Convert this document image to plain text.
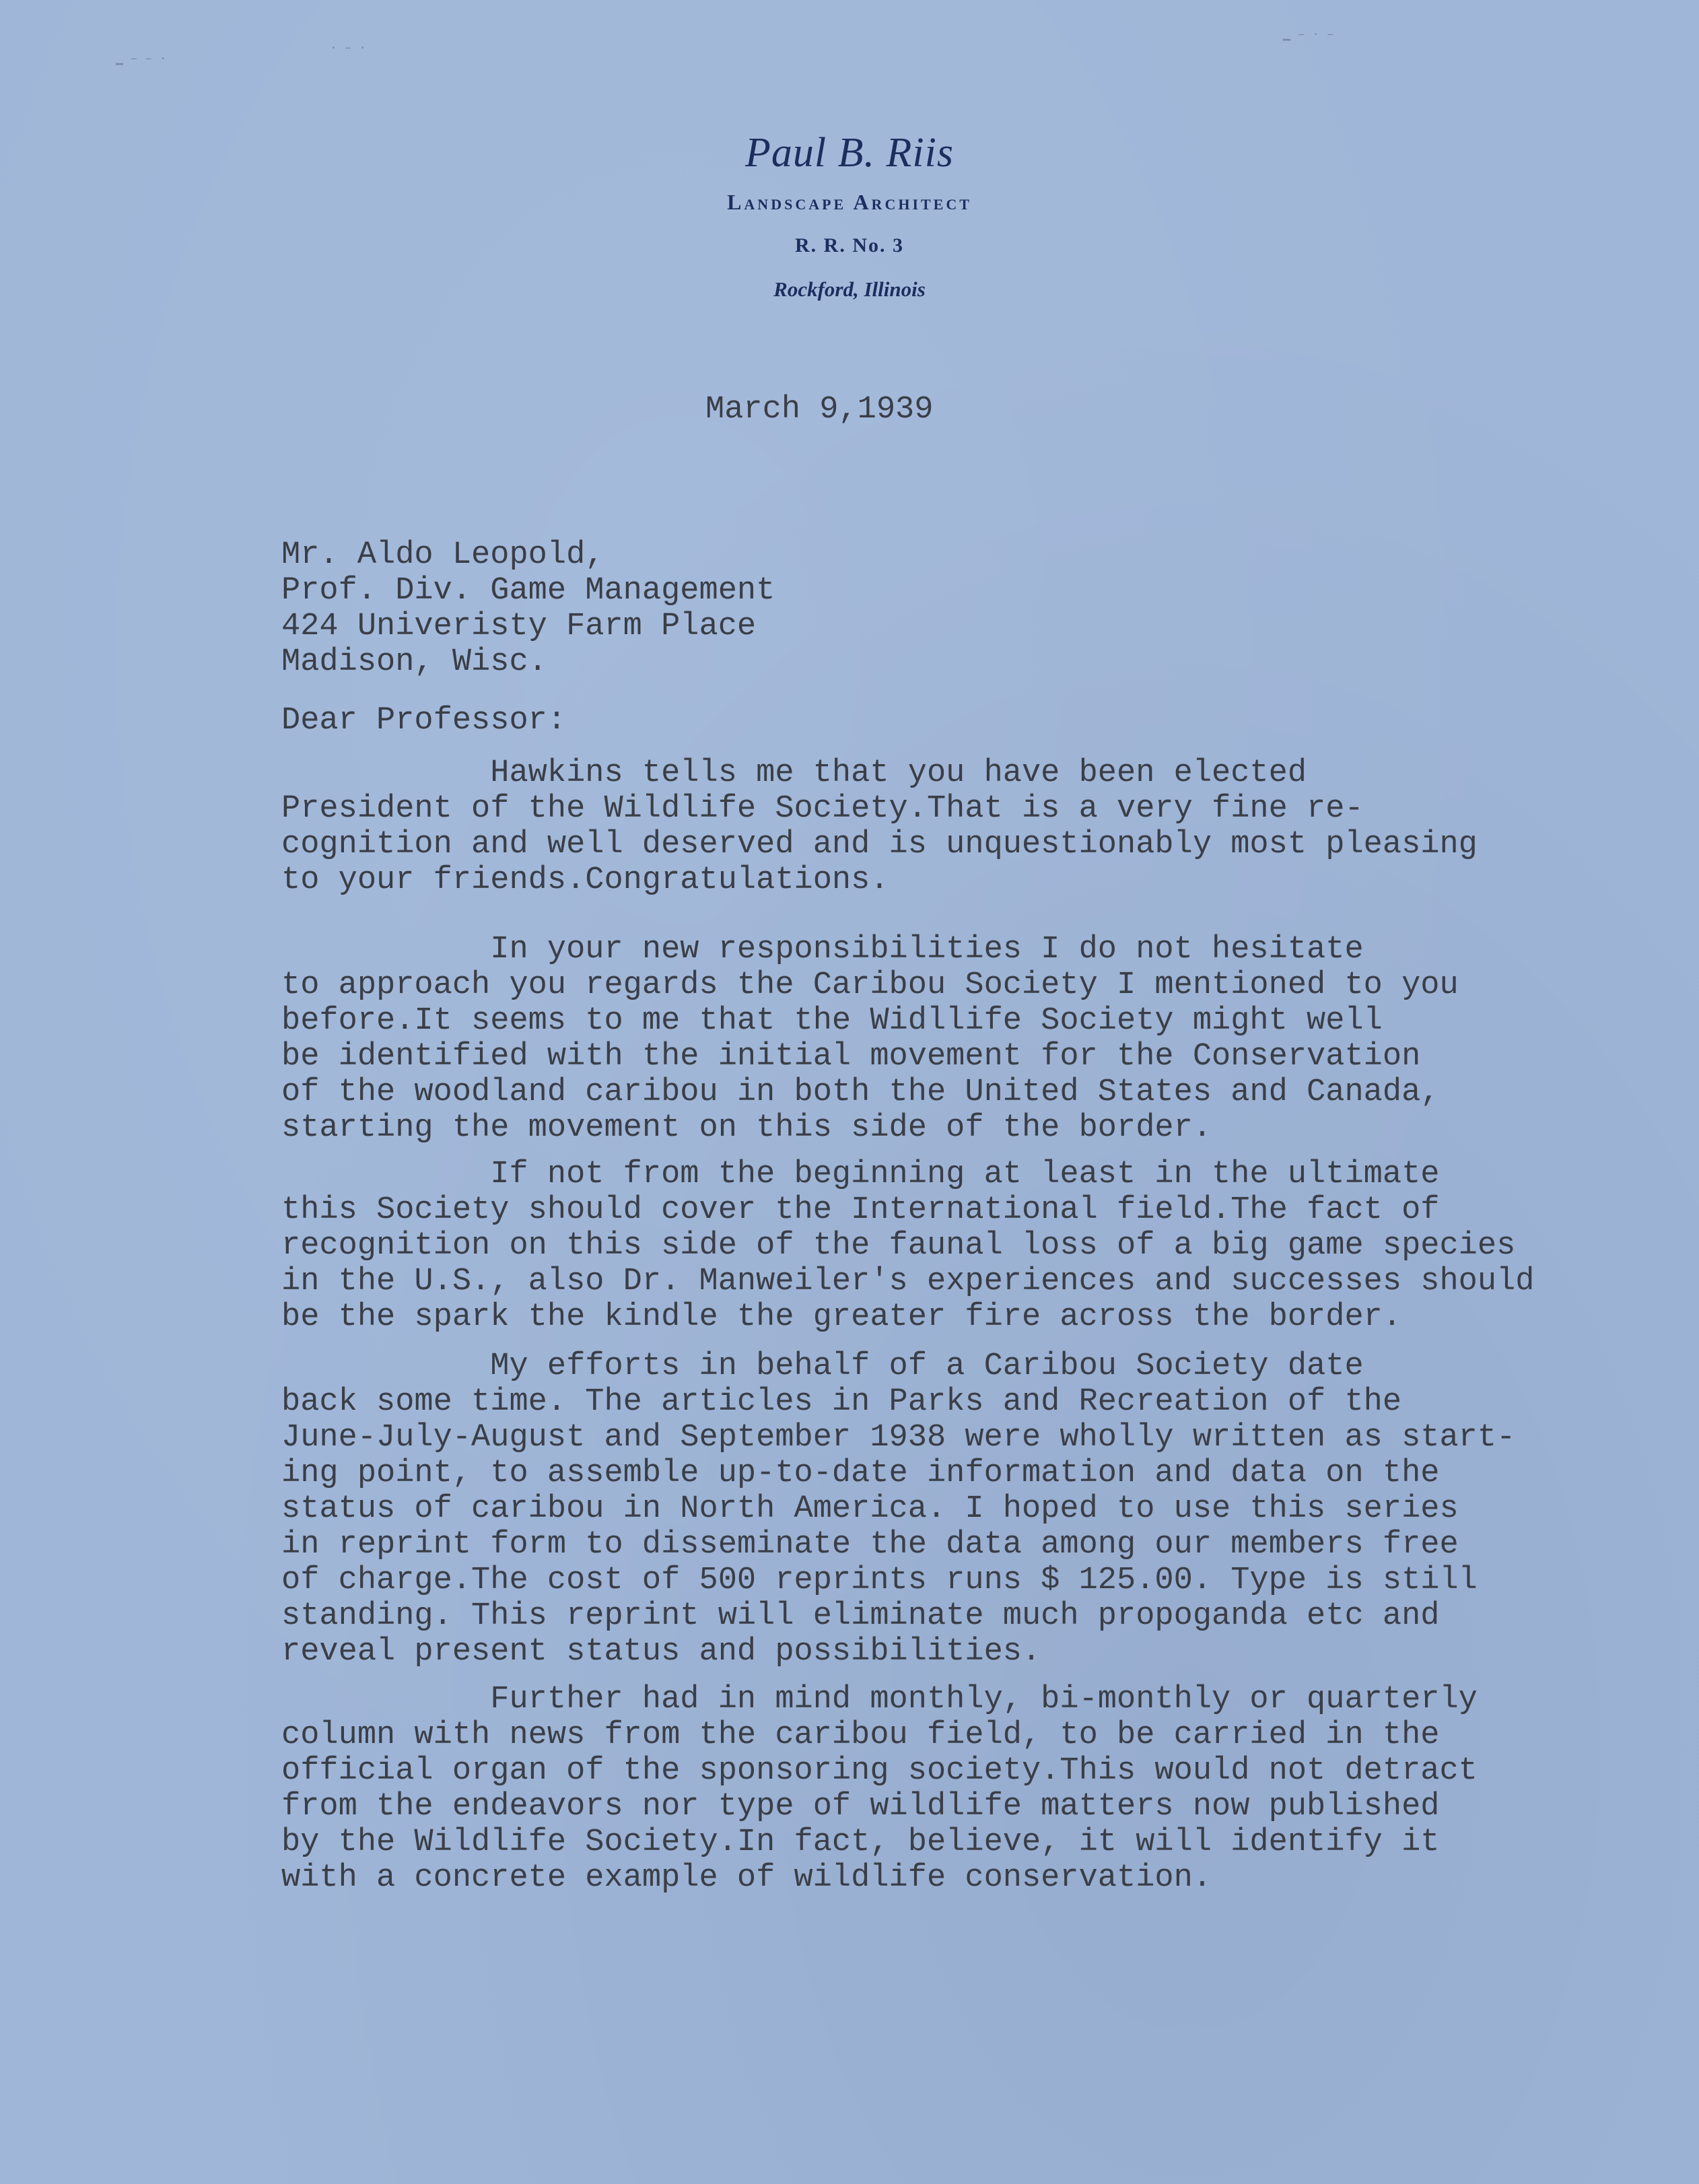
▁ ‒ ‒ ·
· ‒ ·
▁ ‒ · ‒
Paul B. Riis
Landscape Architect
R. R. No. 3
Rockford, Illinois

March 9,1939

Mr. Aldo Leopold,
Prof. Div. Game Management
424 Univeristy Farm Place
Madison, Wisc.

Dear Professor:

Hawkins tells me that you have been elected
President of the Wildlife Society.That is a very fine re-
cognition and well deserved and is unquestionably most pleasing
to your friends.Congratulations.
In your new responsibilities I do not hesitate
to approach you regards the Caribou Society I mentioned to you
before.It seems to me that the Widllife Society might well
be identified with the initial movement for the Conservation
of the woodland caribou in both the United States and Canada,
starting the movement on this side of the border.
If not from the beginning at least in the ultimate
this Society should cover the International field.The fact of
recognition on this side of the faunal loss of a big game species
in the U.S., also Dr. Manweiler's experiences and successes should
be the spark the kindle the greater fire across the border.
My efforts in behalf of a Caribou Society date
back some time. The articles in Parks and Recreation of the
June-July-August and September 1938 were wholly written as start-
ing point, to assemble up-to-date information and data on the
status of caribou in North America. I hoped to use this series
in reprint form to disseminate the data among our members free
of charge.The cost of 500 reprints runs $ 125.00. Type is still
standing. This reprint will eliminate much propoganda etc and
reveal present status and possibilities.
Further had in mind monthly, bi-monthly or quarterly
column with news from the caribou field, to be carried in the
official organ of the sponsoring society.This would not detract
from the endeavors nor type of wildlife matters now published
by the Wildlife Society.In fact, believe, it will identify it
with a concrete example of wildlife conservation.
